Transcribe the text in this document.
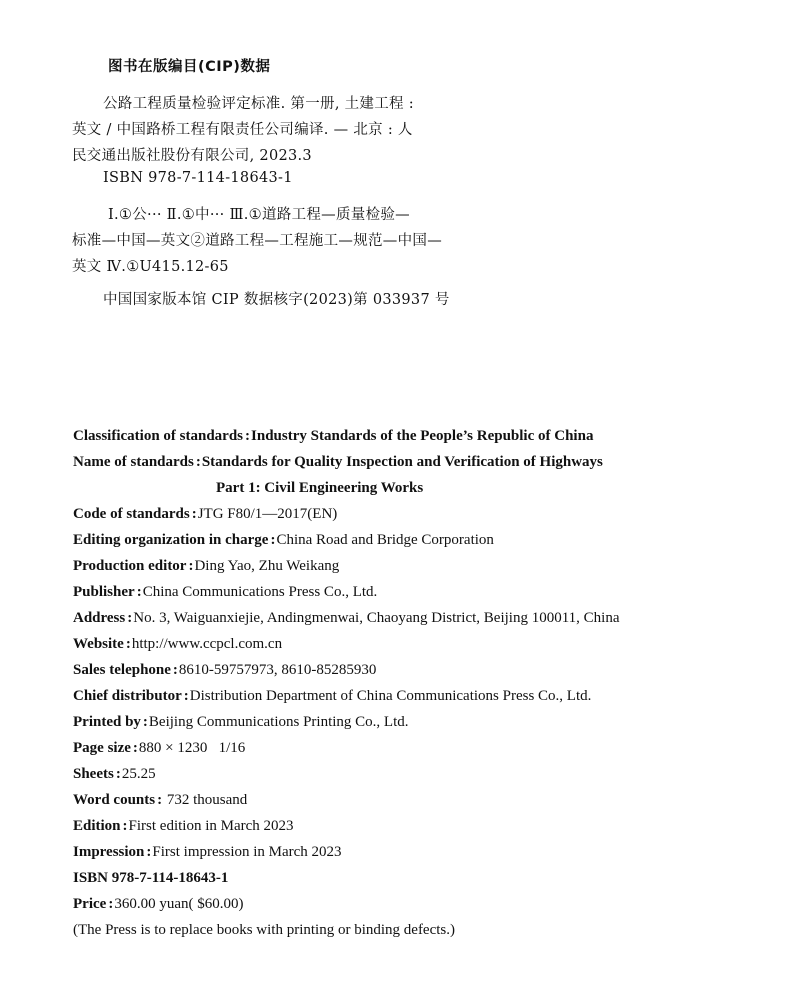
图书在版编目(CIP)数据
公路工程质量检验评定标准. 第一册, 土建工程 :
英文 / 中国路桥工程有限责任公司编译. — 北京 : 人
民交通出版社股份有限公司, 2023.3
ISBN 978-7-114-18643-1
Ⅰ.①公··· Ⅱ.①中··· Ⅲ.①道路工程—质量检验—
标准—中国—英文②道路工程—工程施工—规范—中国—
英文 Ⅳ.①U415.12-65
中国国家版本馆 CIP 数据核字(2023)第 033937 号
Classification of standards :Industry Standards of the People’s Republic of China
Name of standards :Standards for Quality Inspection and Verification of Highways
Part 1: Civil Engineering Works
Code of standards :JTG F80/1—2017(EN)
Editing organization in charge :China Road and Bridge Corporation
Production editor :Ding Yao, Zhu Weikang
Publisher :China Communications Press Co., Ltd.
Address :No. 3, Waiguanxiejie, Andingmenwai, Chaoyang District, Beijing 100011, China
Website :http://www.ccpcl.com.cn
Sales telephone :8610-59757973, 8610-85285930
Chief distributor :Distribution Department of China Communications Press Co., Ltd.
Printed by :Beijing Communications Printing Co., Ltd.
Page size :880 × 1230   1/16
Sheets :25.25
Word counts : 732 thousand
Edition :First edition in March 2023
Impression :First impression in March 2023
ISBN 978-7-114-18643-1
Price :360.00 yuan( $60.00)
(The Press is to replace books with printing or binding defects.)
